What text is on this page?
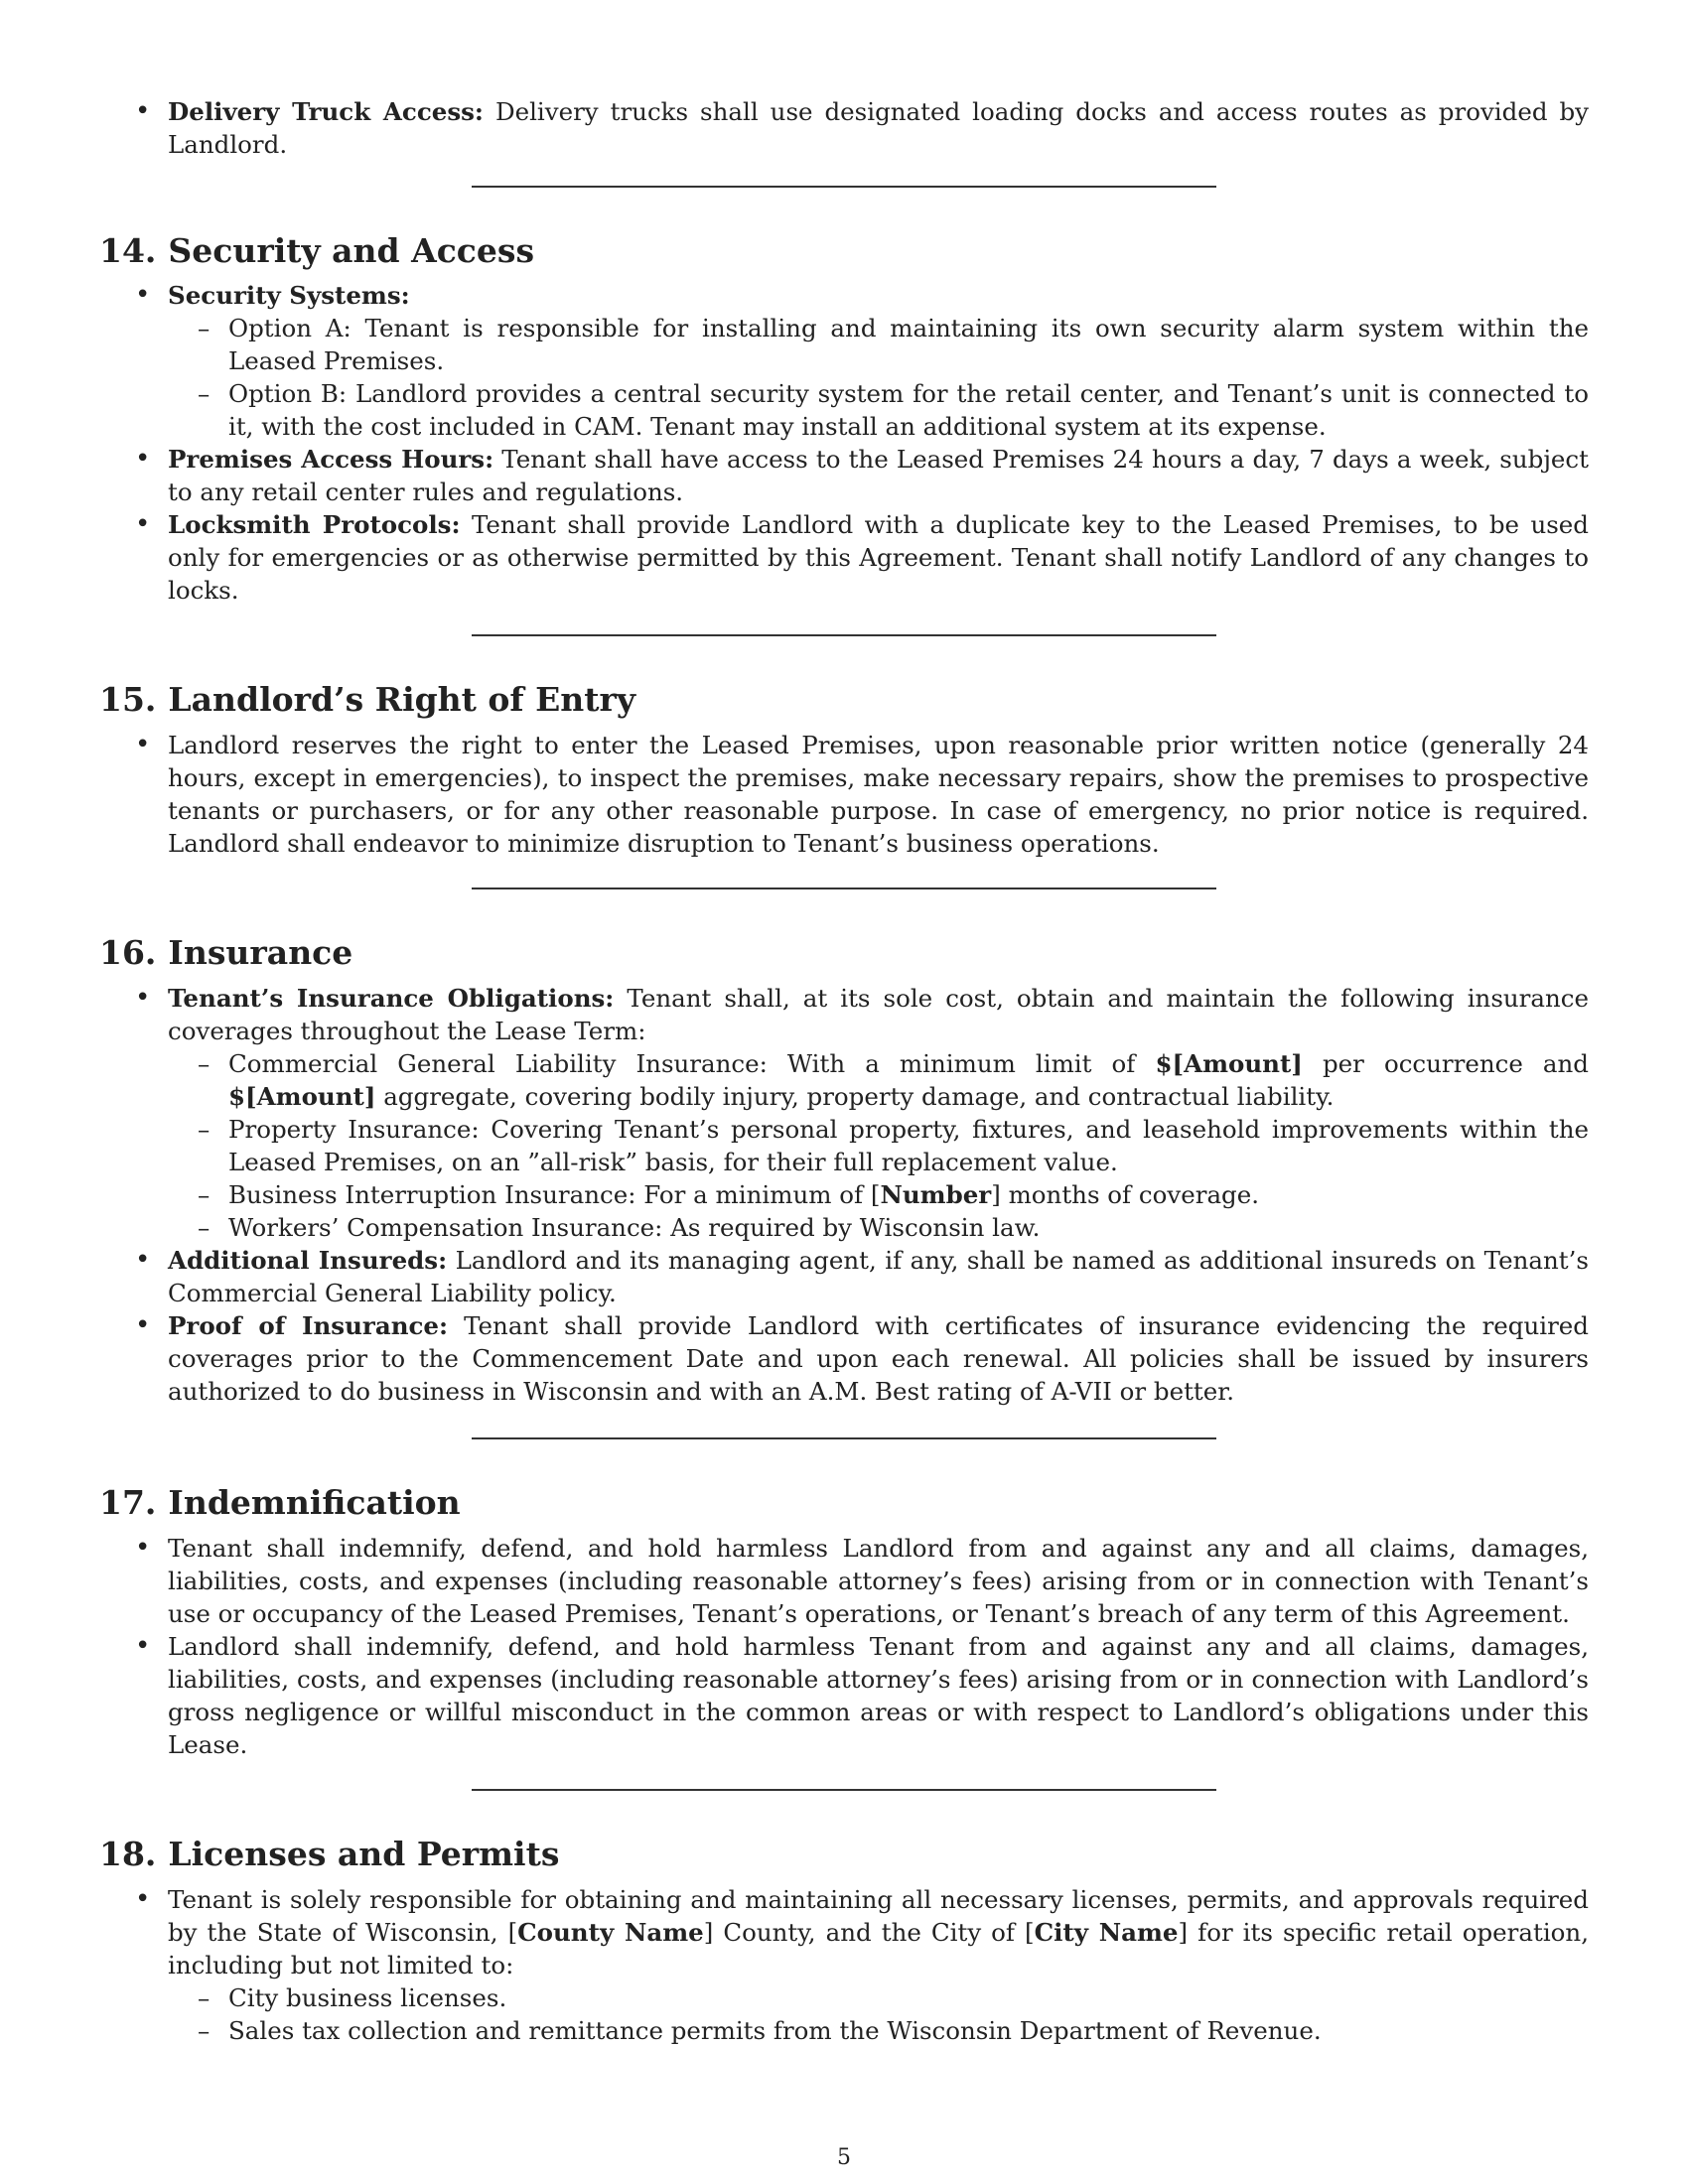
• Delivery Truck Access: Delivery trucks shall use designated loading docks and access routes as provided by Landlord.
14. Security and Access
• Security Systems:
– Option A: Tenant is responsible for installing and maintaining its own security alarm system within the Leased Premises.
– Option B: Landlord provides a central security system for the retail center, and Tenant’s unit is connected to it, with the cost included in CAM. Tenant may install an additional system at its expense.
• Premises Access Hours: Tenant shall have access to the Leased Premises 24 hours a day, 7 days a week, subject to any retail center rules and regulations.
• Locksmith Protocols: Tenant shall provide Landlord with a duplicate key to the Leased Premises, to be used only for emergencies or as otherwise permitted by this Agreement. Tenant shall notify Landlord of any changes to locks.
15. Landlord’s Right of Entry
• Landlord reserves the right to enter the Leased Premises, upon reasonable prior written notice (generally 24 hours, except in emergencies), to inspect the premises, make necessary repairs, show the premises to prospective tenants or purchasers, or for any other reasonable purpose. In case of emergency, no prior notice is required. Landlord shall endeavor to minimize disruption to Tenant’s business operations.
16. Insurance
• Tenant’s Insurance Obligations: Tenant shall, at its sole cost, obtain and maintain the following insurance coverages throughout the Lease Term:
– Commercial General Liability Insurance: With a minimum limit of $[Amount] per occurrence and $[Amount] aggregate, covering bodily injury, property damage, and contractual liability.
– Property Insurance: Covering Tenant’s personal property, fixtures, and leasehold improvements within the Leased Premises, on an ”all-risk” basis, for their full replacement value.
– Business Interruption Insurance: For a minimum of [Number] months of coverage.
– Workers’ Compensation Insurance: As required by Wisconsin law.
• Additional Insureds: Landlord and its managing agent, if any, shall be named as additional insureds on Tenant’s Commercial General Liability policy.
• Proof of Insurance: Tenant shall provide Landlord with certificates of insurance evidencing the required coverages prior to the Commencement Date and upon each renewal. All policies shall be issued by insurers authorized to do business in Wisconsin and with an A.M. Best rating of A-VII or better.
17. Indemnification
• Tenant shall indemnify, defend, and hold harmless Landlord from and against any and all claims, damages, liabilities, costs, and expenses (including reasonable attorney’s fees) arising from or in connection with Tenant’s use or occupancy of the Leased Premises, Tenant’s operations, or Tenant’s breach of any term of this Agreement.
• Landlord shall indemnify, defend, and hold harmless Tenant from and against any and all claims, damages, liabilities, costs, and expenses (including reasonable attorney’s fees) arising from or in connection with Landlord’s gross negligence or willful misconduct in the common areas or with respect to Landlord’s obligations under this Lease.
18. Licenses and Permits
• Tenant is solely responsible for obtaining and maintaining all necessary licenses, permits, and approvals required by the State of Wisconsin, [County Name] County, and the City of [City Name] for its specific retail operation, including but not limited to:
– City business licenses.
– Sales tax collection and remittance permits from the Wisconsin Department of Revenue.
5
